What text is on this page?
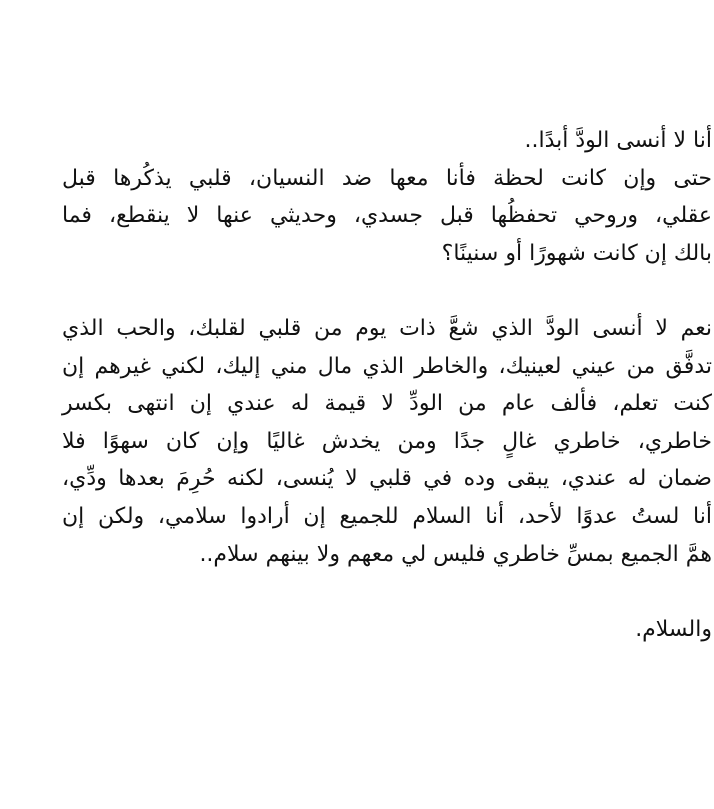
أنا لا أنسى الودَّ أبدًا..
حتى وإن كانت لحظة فأنا معها ضد النسيان، قلبي يذكُرها قبل
عقلي، وروحي تحفظُها قبل جسدي، وحديثي عنها لا ينقطع، فما
بالك إن كانت شهورًا أو سنينًا؟
نعم لا أنسى الودَّ الذي شعَّ ذات يوم من قلبي لقلبك، والحب الذي
تدفَّق من عيني لعينيك، والخاطر الذي مال مني إليك، لكني غيرهم إن
كنت تعلم، فألف عام من الودِّ لا قيمة له عندي إن انتهى بكسر
خاطري، خاطري غالٍ جدًا ومن يخدش غاليًا وإن كان سهوًا فلا
ضمان له عندي، يبقى وده في قلبي لا يُنسى، لكنه حُرِمَ بعدها ودِّي،
أنا لستُ عدوًا لأحد، أنا السلام للجميع إن أرادوا سلامي، ولكن إن
همَّ الجميع بمسِّ خاطري فليس لي معهم ولا بينهم سلام..
والسلام.
